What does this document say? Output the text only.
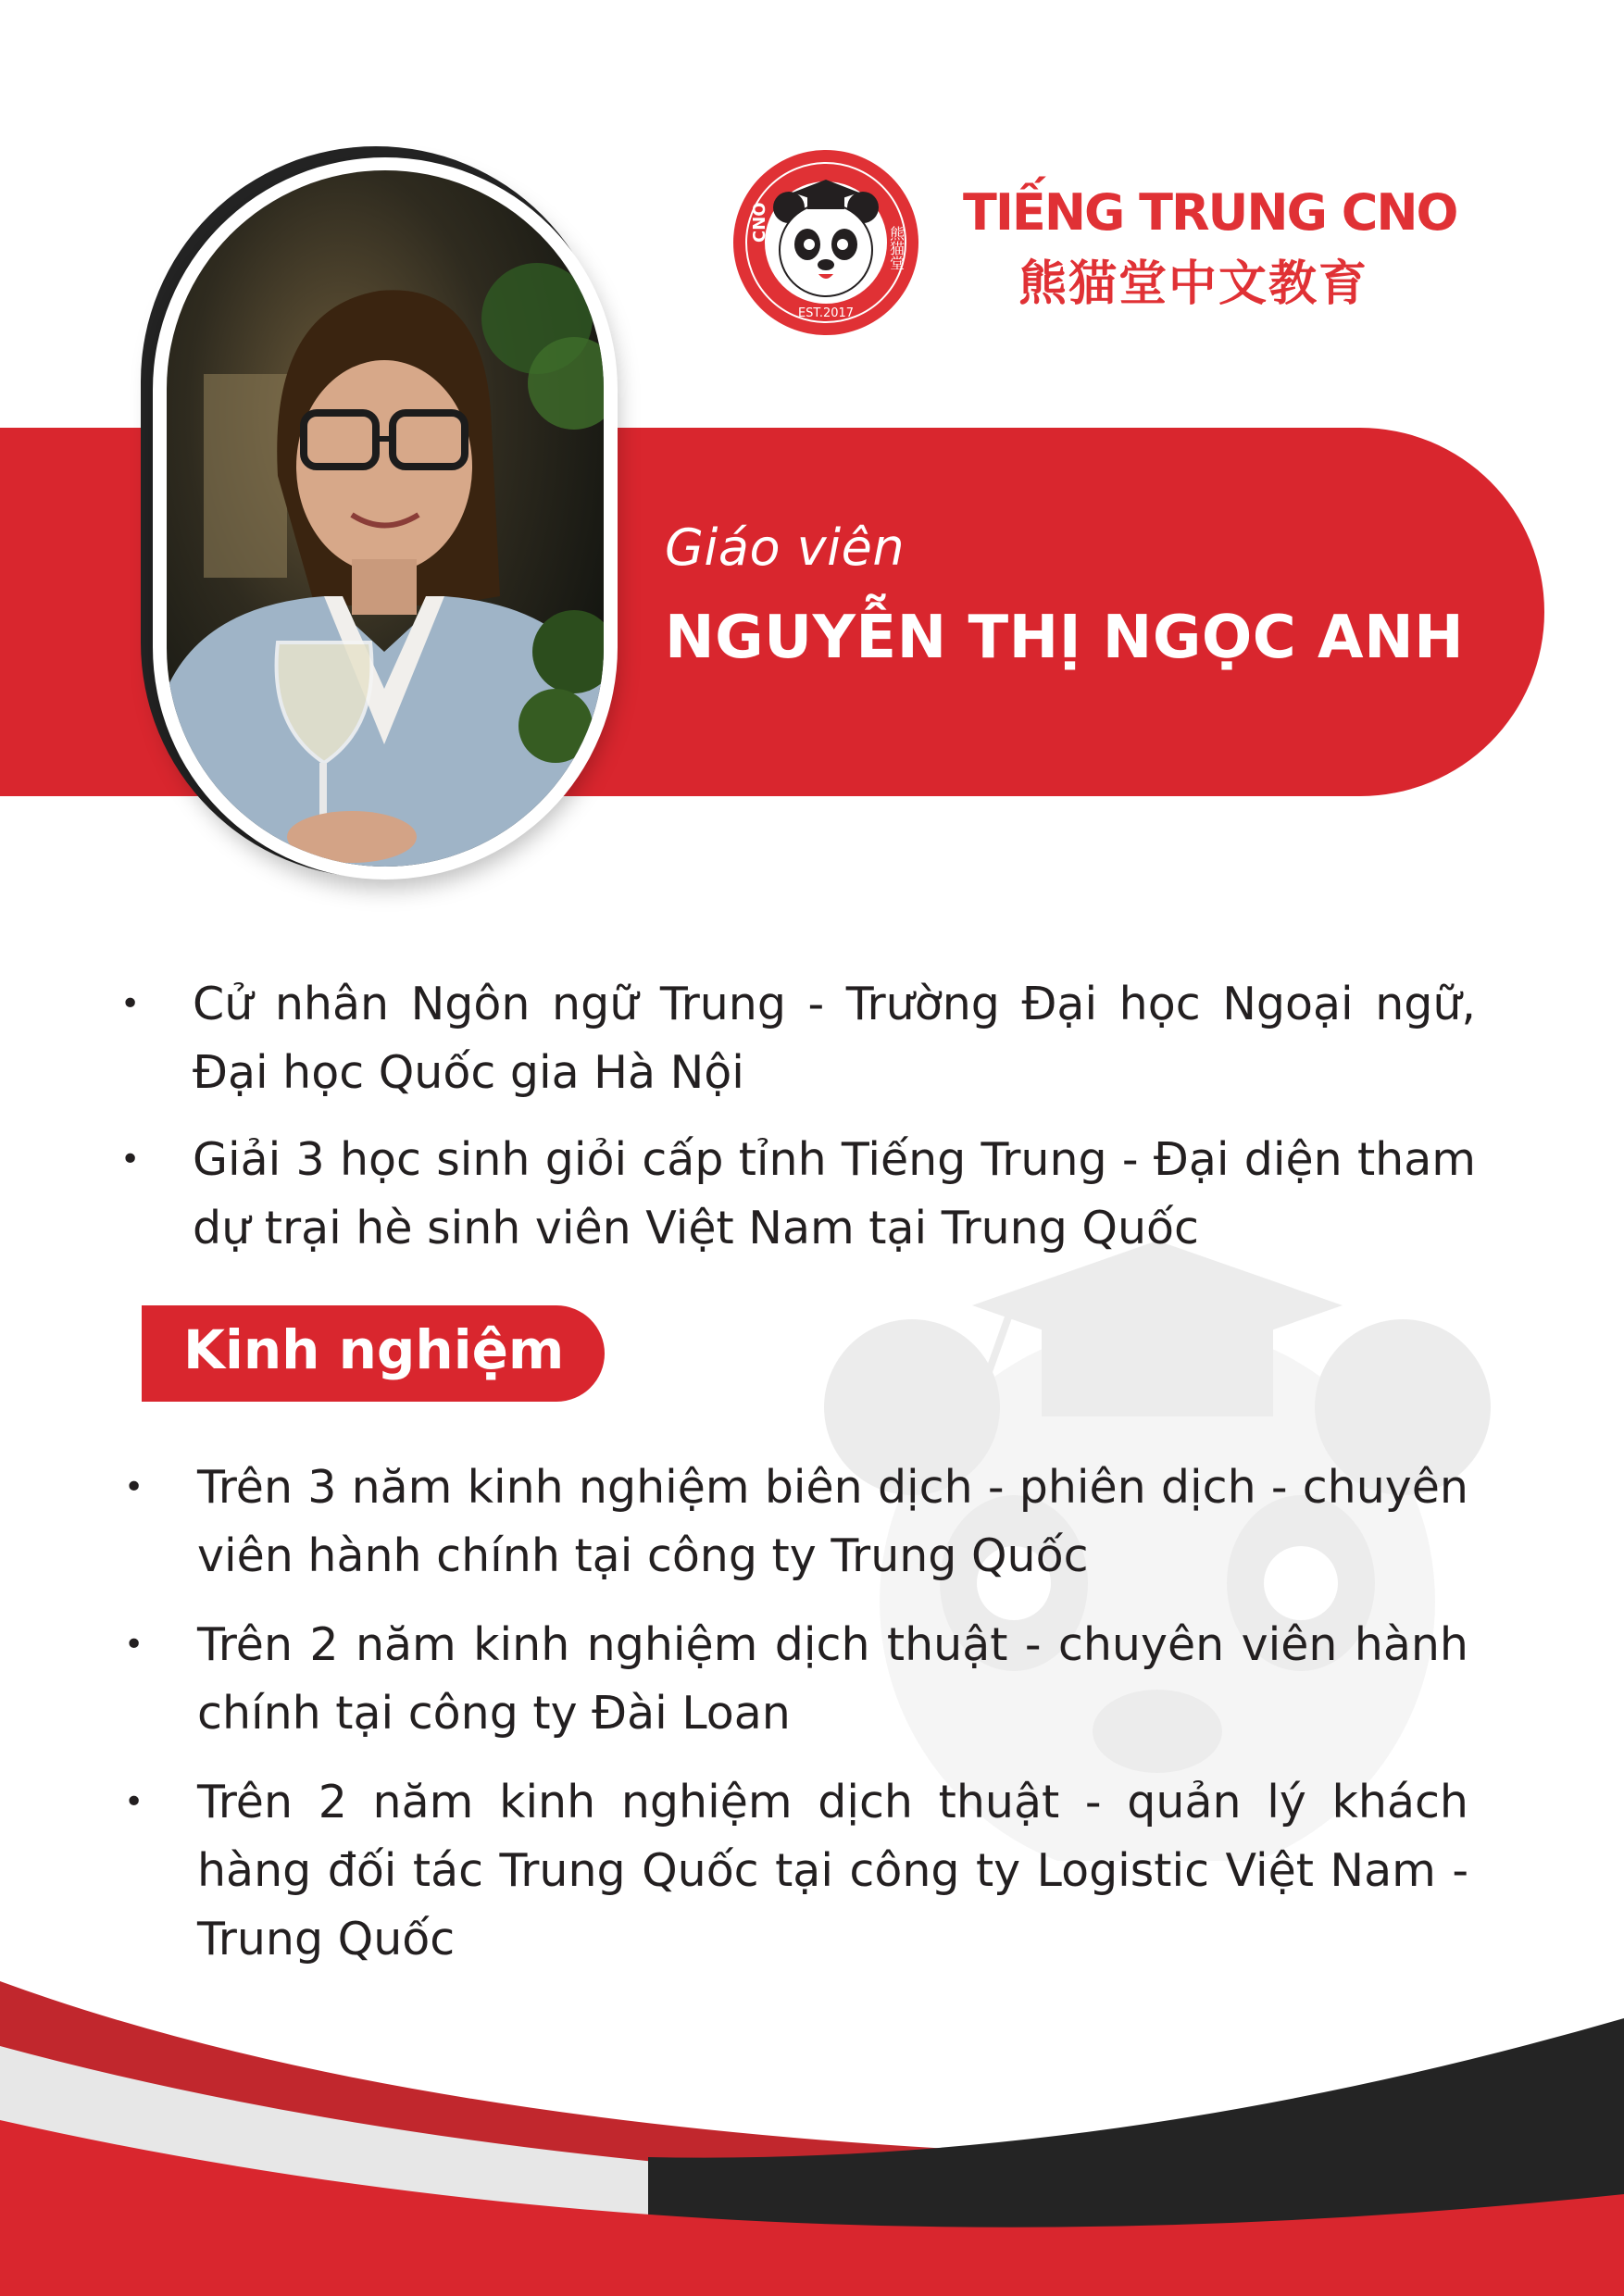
Giáo viên
NGUYỄN THỊ NGỌC ANH
CNO
熊猫堂
EST.2017
TIẾNG TRUNG CNO
熊猫堂中文教育
• Cử nhân Ngôn ngữ Trung - Trường Đại học Ngoại ngữ, Đại học Quốc gia Hà Nội
• Giải 3 học sinh giỏi cấp tỉnh Tiếng Trung - Đại diện tham dự trại hè sinh viên Việt Nam tại Trung Quốc
Kinh nghiệm
• Trên 3 năm kinh nghiệm biên dịch - phiên dịch - chuyên viên hành chính tại công ty Trung Quốc
• Trên 2 năm kinh nghiệm dịch thuật - chuyên viên hành chính tại công ty Đài Loan
• Trên 2 năm kinh nghiệm dịch thuật - quản lý khách hàng đối tác Trung Quốc tại công ty Logistic Việt Nam - Trung Quốc
